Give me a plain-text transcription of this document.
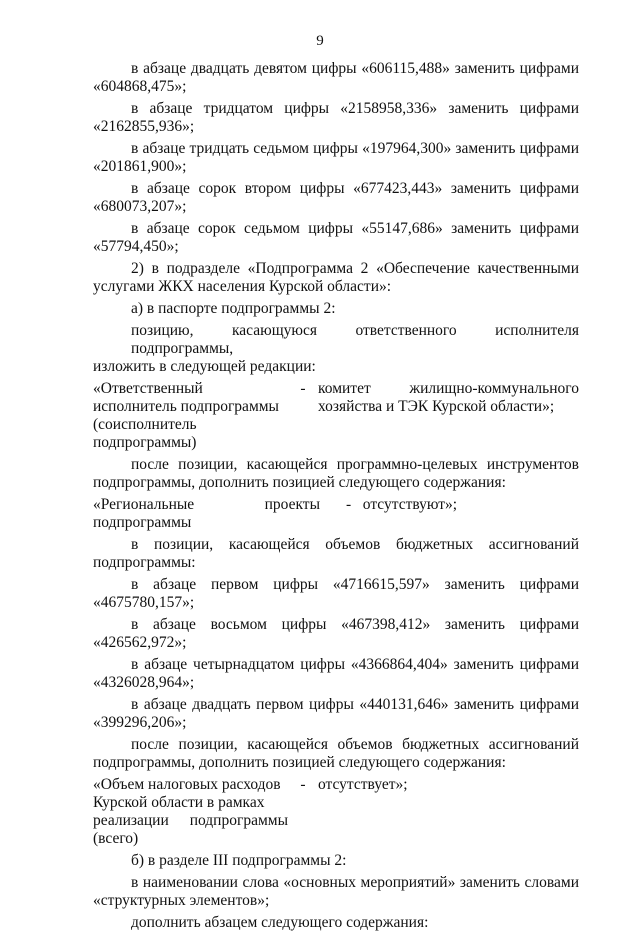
9
в абзаце двадцать девятом цифры «606115,488» заменить цифрами
«604868,475»;
в абзаце тридцатом цифры «2158958,336» заменить цифрами
«2162855,936»;
в абзаце тридцать седьмом цифры «197964,300» заменить цифрами
«201861,900»;
в абзаце сорок втором цифры «677423,443» заменить цифрами
«680073,207»;
в абзаце сорок седьмом цифры «55147,686» заменить цифрами
«57794,450»;
2) в подразделе «Подпрограмма 2 «Обеспечение качественными
услугами ЖКХ населения Курской области»:
а) в паспорте подпрограммы 2:
позицию, касающуюся ответственного исполнителя подпрограммы,
изложить в следующей редакции:
«Ответственный
исполнитель подпрограммы
(соисполнитель
подпрограммы)
- комитет жилищно-коммунального
хозяйства и ТЭК Курской области»;
после позиции, касающейся программно-целевых инструментов
подпрограммы, дополнить позицией следующего содержания:
«Региональные проекты
подпрограммы
- отсутствуют»;
в позиции, касающейся объемов бюджетных ассигнований
подпрограммы:
в абзаце первом цифры «4716615,597» заменить цифрами
«4675780,157»;
в абзаце восьмом цифры «467398,412» заменить цифрами
«426562,972»;
в абзаце четырнадцатом цифры «4366864,404» заменить цифрами
«4326028,964»;
в абзаце двадцать первом цифры «440131,646» заменить цифрами
«399296,206»;
после позиции, касающейся объемов бюджетных ассигнований
подпрограммы, дополнить позицией следующего содержания:
«Объем налоговых расходов
Курской области в рамках
реализации подпрограммы
(всего)
- отсутствует»;
б) в разделе III подпрограммы 2:
в наименовании слова «основных мероприятий» заменить словами
«структурных элементов»;
дополнить абзацем следующего содержания:
